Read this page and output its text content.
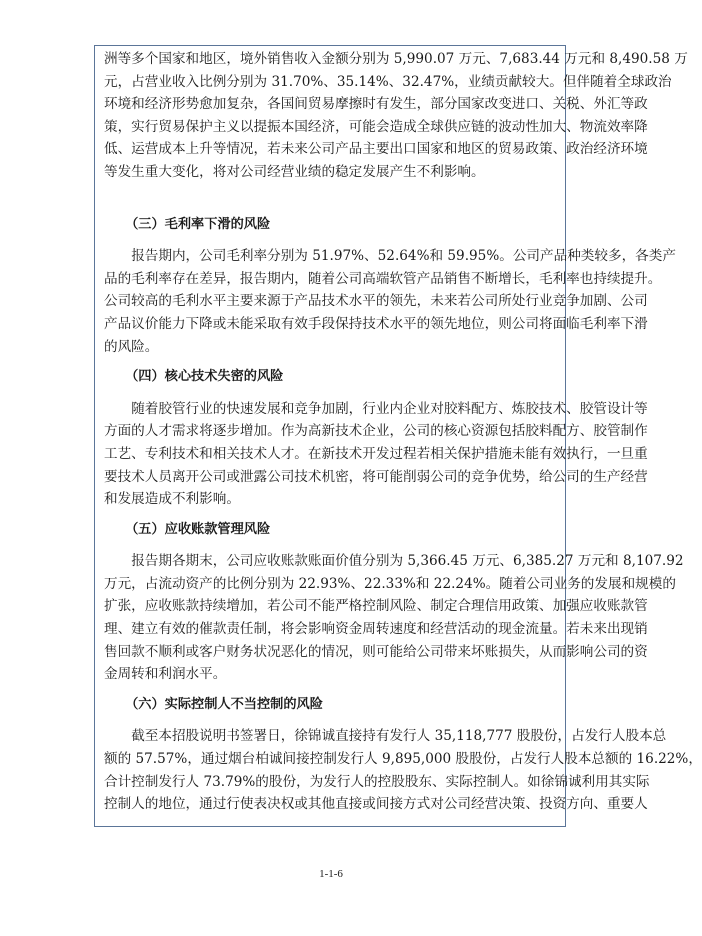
洲等多个国家和地区，境外销售收入金额分别为 5,990.07 万元、7,683.44 万元和 8,490.58 万
元，占营业收入比例分别为 31.70%、35.14%、32.47%，业绩贡献较大。但伴随着全球政治
环境和经济形势愈加复杂，各国间贸易摩擦时有发生，部分国家改变进口、关税、外汇等政
策，实行贸易保护主义以提振本国经济，可能会造成全球供应链的波动性加大、物流效率降
低、运营成本上升等情况，若未来公司产品主要出口国家和地区的贸易政策、政治经济环境
等发生重大变化，将对公司经营业绩的稳定发展产生不利影响。
（三）毛利率下滑的风险
报告期内，公司毛利率分别为 51.97%、52.64%和 59.95%。公司产品种类较多，各类产
品的毛利率存在差异，报告期内，随着公司高端软管产品销售不断增长，毛利率也持续提升。
公司较高的毛利水平主要来源于产品技术水平的领先，未来若公司所处行业竞争加剧、公司
产品议价能力下降或未能采取有效手段保持技术水平的领先地位，则公司将面临毛利率下滑
的风险。
（四）核心技术失密的风险
随着胶管行业的快速发展和竞争加剧，行业内企业对胶料配方、炼胶技术、胶管设计等
方面的人才需求将逐步增加。作为高新技术企业，公司的核心资源包括胶料配方、胶管制作
工艺、专利技术和相关技术人才。在新技术开发过程若相关保护措施未能有效执行，一旦重
要技术人员离开公司或泄露公司技术机密，将可能削弱公司的竞争优势，给公司的生产经营
和发展造成不利影响。
（五）应收账款管理风险
报告期各期末，公司应收账款账面价值分别为 5,366.45 万元、6,385.27 万元和 8,107.92
万元，占流动资产的比例分别为 22.93%、22.33%和 22.24%。随着公司业务的发展和规模的
扩张，应收账款持续增加，若公司不能严格控制风险、制定合理信用政策、加强应收账款管
理、建立有效的催款责任制，将会影响资金周转速度和经营活动的现金流量。若未来出现销
售回款不顺利或客户财务状况恶化的情况，则可能给公司带来坏账损失，从而影响公司的资
金周转和利润水平。
（六）实际控制人不当控制的风险
截至本招股说明书签署日，徐锦诚直接持有发行人 35,118,777 股股份，占发行人股本总
额的 57.57%，通过烟台柏诚间接控制发行人 9,895,000 股股份，占发行人股本总额的 16.22%，
合计控制发行人 73.79%的股份，为发行人的控股股东、实际控制人。如徐锦诚利用其实际
控制人的地位，通过行使表决权或其他直接或间接方式对公司经营决策、投资方向、重要人
1-1-6
